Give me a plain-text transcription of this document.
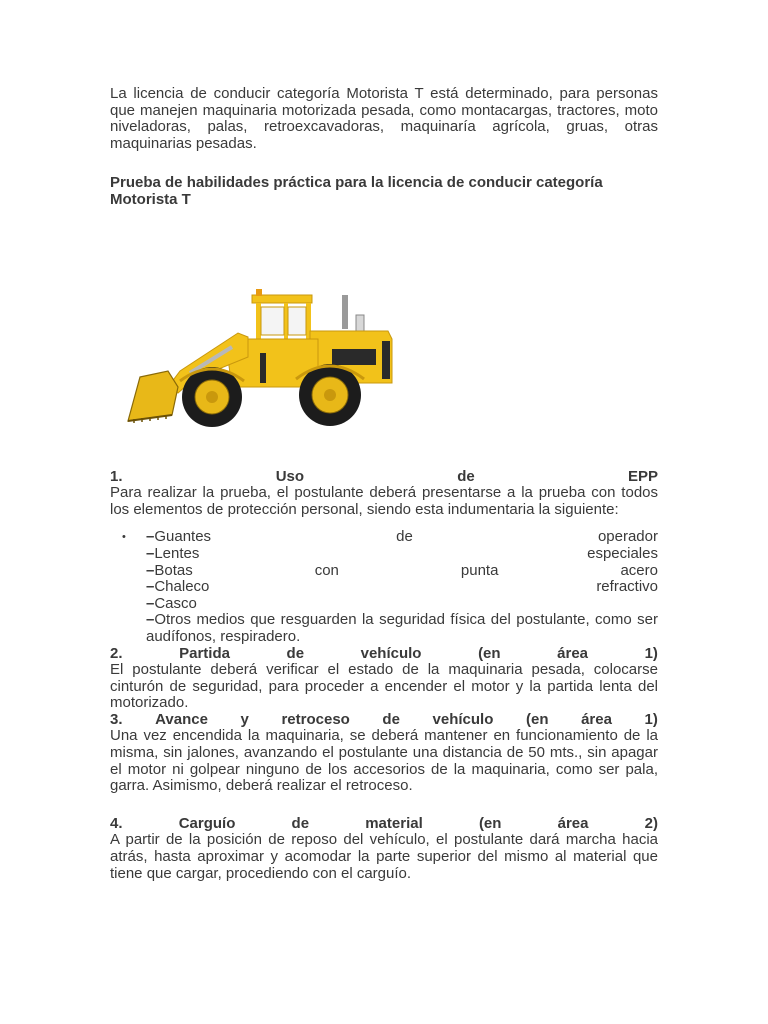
La licencia de conducir categoría Motorista T está determinado, para personas que manejen maquinaria motorizada pesada, como montacargas, tractores, moto niveladoras, palas, retroexcavadoras, maquinaría agrícola, gruas, otras maquinarias pesadas.

Prueba de habilidades práctica para la licencia de conducir categoría
Motorista T

1.	Uso	de	EPP

Para realizar la prueba, el postulante deberá presentarse a la prueba con todos los elementos de protección personal, siendo esta indumentaria la siguiente:

• –Guantes	de	operador
–Lentes	especiales
–Botas	con	punta	acero
–Chaleco	refractivo
–Casco

–Otros medios que resguarden la seguridad física del postulante, como ser audífonos, respiradero.

2.	Partida	de	vehículo	(en	área	1)

El postulante deberá verificar el estado de la maquinaria pesada, colocarse cinturón de seguridad, para proceder a encender el motor y la partida lenta del motorizado.

3. Avance y retroceso de vehículo (en área 1)

Una vez encendida la maquinaria, se deberá mantener en funcionamiento de la misma, sin jalones, avanzando el postulante una distancia de 50 mts., sin apagar el motor ni golpear ninguno de los accesorios de la maquinaria, como ser pala, garra. Asimismo, deberá realizar el retroceso.

4.	Carguío	de	material	(en	área	2)

A partir de la posición de reposo del vehículo, el postulante dará marcha hacia atrás, hasta aproximar y acomodar la parte superior del mismo al material que tiene que cargar, procediendo con el carguío.
